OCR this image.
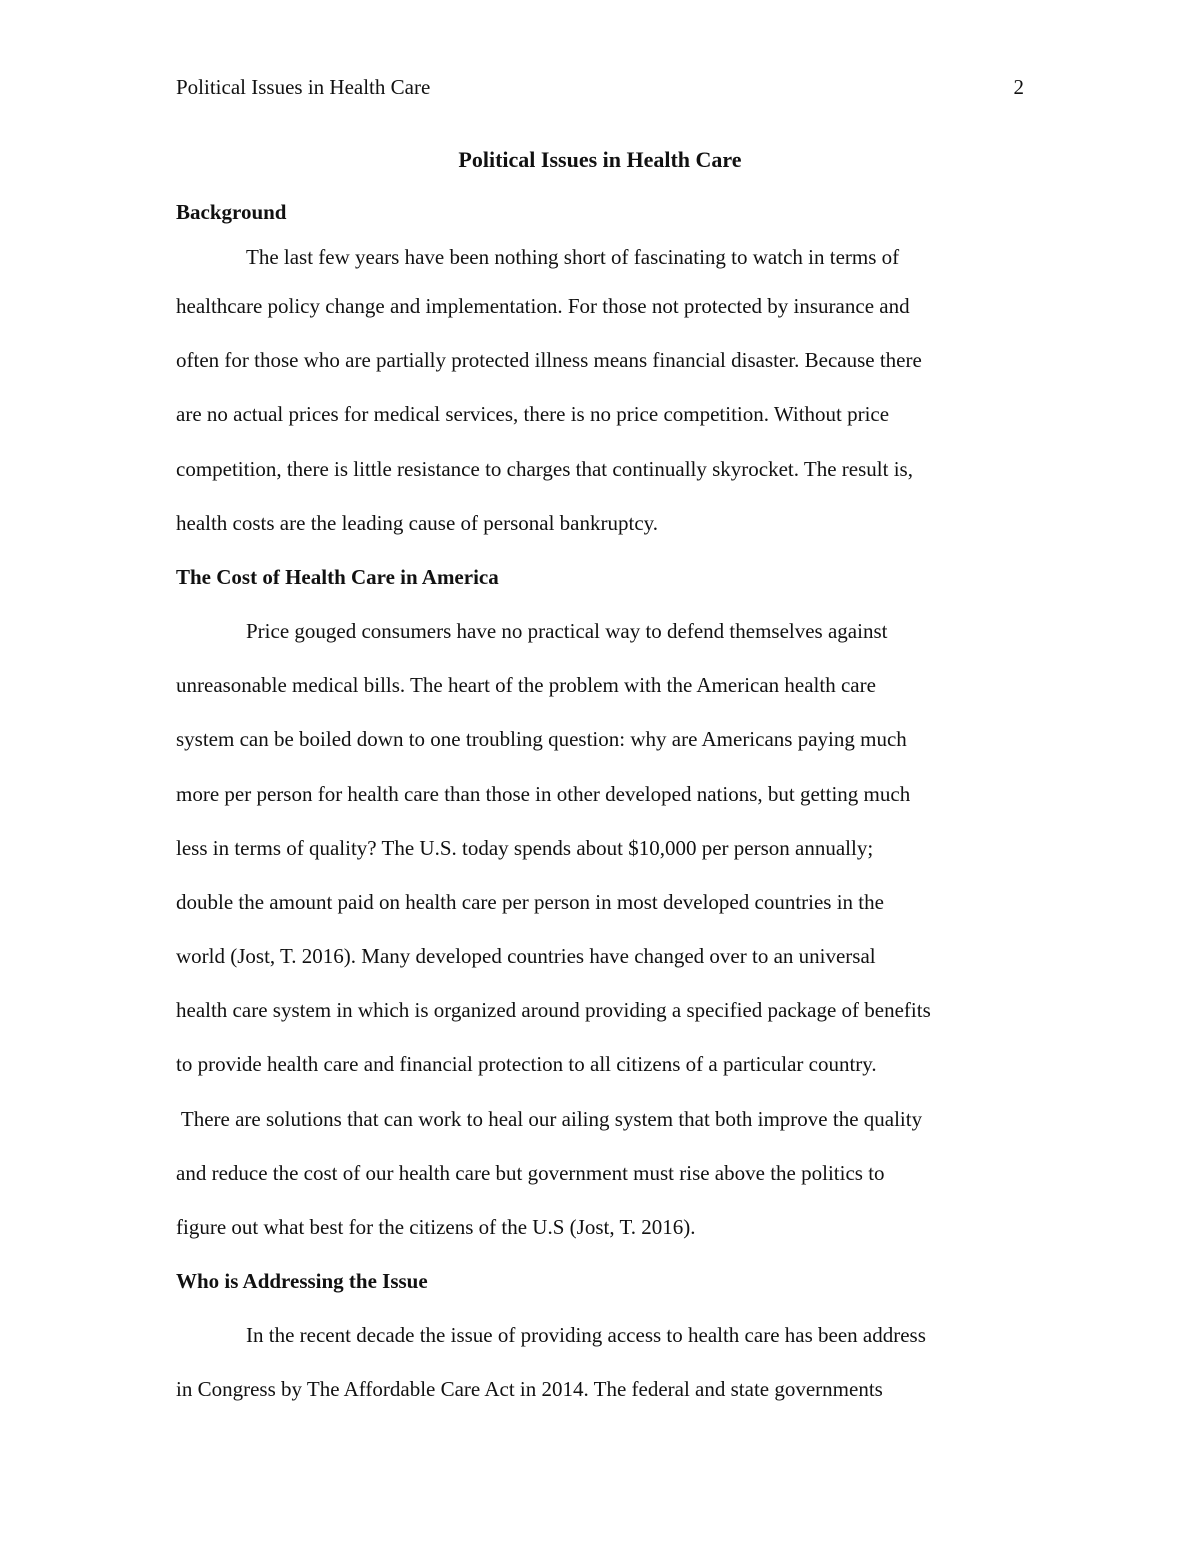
Political Issues in Health Care	2
Political Issues in Health Care
Background
The last few years have been nothing short of fascinating to watch in terms of
healthcare policy change and implementation. For those not protected by insurance and
often for those who are partially protected illness means financial disaster. Because there
are no actual prices for medical services, there is no price competition. Without price
competition, there is little resistance to charges that continually skyrocket. The result is,
health costs are the leading cause of personal bankruptcy.
The Cost of Health Care in America
Price gouged consumers have no practical way to defend themselves against
unreasonable medical bills. The heart of the problem with the American health care
system can be boiled down to one troubling question: why are Americans paying much
more per person for health care than those in other developed nations, but getting much
less in terms of quality? The U.S. today spends about $10,000 per person annually;
double the amount paid on health care per person in most developed countries in the
world (Jost, T. 2016). Many developed countries have changed over to an universal
health care system in which is organized around providing a specified package of benefits
to provide health care and financial protection to all citizens of a particular country.
There are solutions that can work to heal our ailing system that both improve the quality
and reduce the cost of our health care but government must rise above the politics to
figure out what best for the citizens of the U.S (Jost, T. 2016).
Who is Addressing the Issue
In the recent decade the issue of providing access to health care has been address
in Congress by The Affordable Care Act in 2014. The federal and state governments
